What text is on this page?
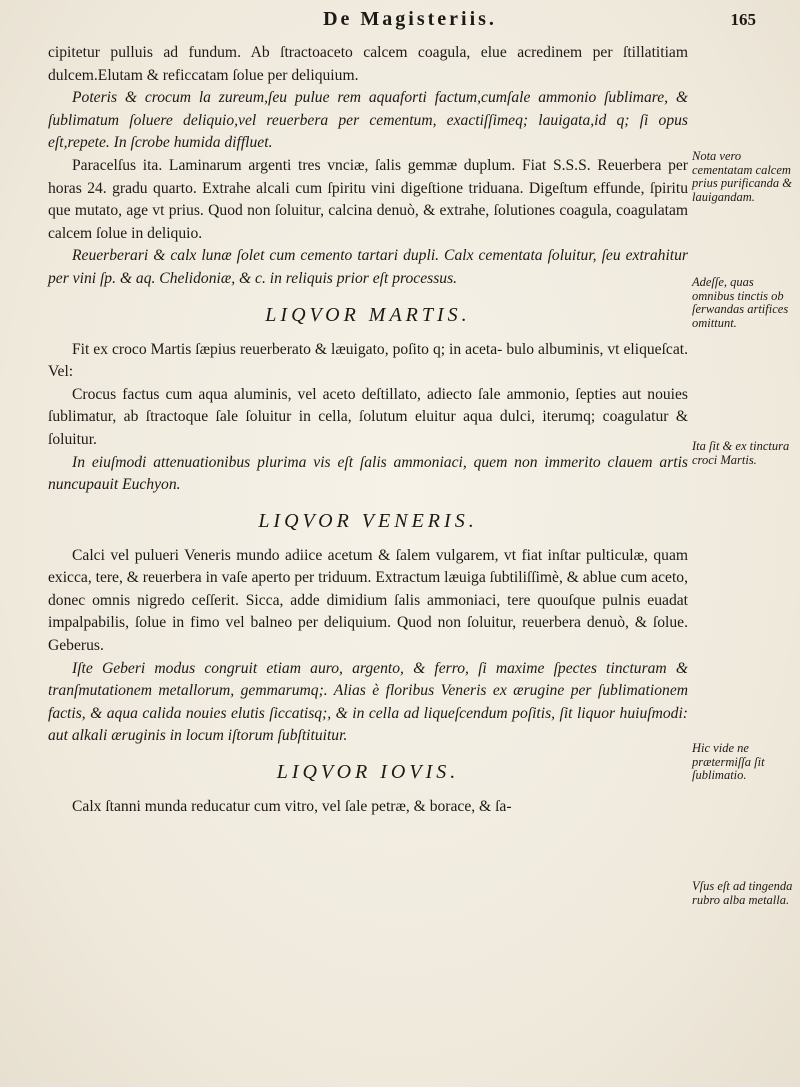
De Magisteriis.	165

cipitetur pulluis ad fundum. Ab ſtractoaceto calcem coagula, elue acredinem per ſtillatitiam dulcem.Elutam & reficcatam ſolue per deliquium.

Poteris & crocum la zureum,ſeu pulue rem aquaforti factum,cumſale ammonio ſublimare, & ſublimatum ſoluere deliquio,vel reuerbera per cementum, exactiſſimeq; lauigata,id q; ſi opus eſt,repete. In ſcrobe humida diffluet.

Paracelſus ita. Laminarum argenti tres vnciæ, ſalis gemmæ duplum. Fiat S.S.S. Reuerbera per horas 24. gradu quarto. Extrahe alcali cum ſpiritu vini digeſtione triduana. Digeſtum effunde, ſpiritu que mutato, age vt prius. Quod non ſoluitur, calcina denuò, & extrahe, ſolutiones coagula, coagulatam calcem ſolue in deliquio.

Reuerberari & calx lunæ ſolet cum cemento tartari dupli. Calx cementata ſoluitur, ſeu extrahitur per vini ſp. & aq. Chelidoniæ, & c. in reliquis prior eſt processus.

LIQVOR MARTIS.

Fit ex croco Martis ſæpius reuerberato & læuigato, poſito q; in aceta- bulo albuminis, vt eliqueſcat. Vel:

Crocus factus cum aqua aluminis, vel aceto deſtillato, adiecto ſale ammonio, ſepties aut nouies ſublimatur, ab ſtractoque ſale ſoluitur in cella, ſolutum eluitur aqua dulci, iterumq; coagulatur & ſoluitur.

In eiuſmodi attenuationibus plurima vis eſt ſalis ammoniaci, quem non immerito clauem artis nuncupauit Euchyon.

LIQVOR VENERIS.

Calci vel pulueri Veneris mundo adiice acetum & ſalem vulgarem, vt fiat inſtar pulticulæ, quam exicca, tere, & reuerbera in vaſe aperto per triduum. Extractum læuiga ſubtiliſſimè, & ablue cum aceto, donec omnis nigredo ceſſerit. Sicca, adde dimidium ſalis ammoniaci, tere quouſque pulnis euadat impalpabilis, ſolue in fimo vel balneo per deliquium. Quod non ſoluitur, reuerbera denuò, & ſolue. Geberus.

Iſte Geberi modus congruit etiam auro, argento, & ferro, ſi maxime ſpectes tincturam & tranſmutationem metallorum, gemmarumq;. Alias è floribus Veneris ex ærugine per ſublimationem factis, & aqua calida nouies elutis ſiccatisq;, & in cella ad liqueſcendum poſitis, ſit liquor huiuſmodi: aut alkali æruginis in locum iſtorum ſubſtituitur.

LIQVOR IOVIS.

Calx ſtanni munda reducatur cum vitro, vel ſale petræ, & borace, & ſa-

Nota vero cementatam calcem prius purificanda & lauigandam.
Adeſſe, quas omnibus tinctis ob ſerwandas artifices omittunt.
Ita ſit & ex tinctura croci Martis.
Hic vide ne prætermiſſa ſit ſublimatio.
Vſus eſt ad tingenda rubro alba metalla.
